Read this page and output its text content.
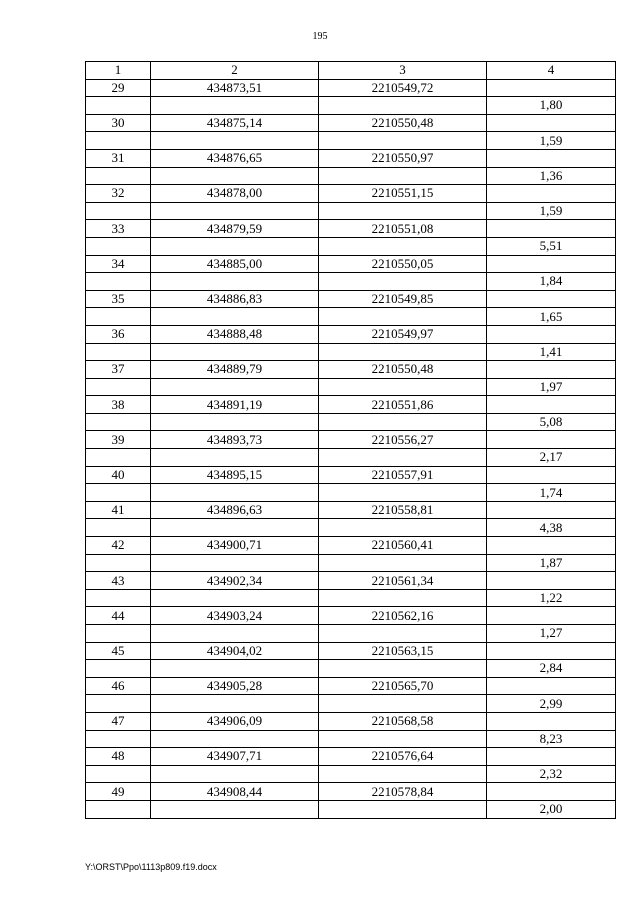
195
1	2	3	4
29	434873,51	2210549,72	
			1,80
30	434875,14	2210550,48	
			1,59
31	434876,65	2210550,97	
			1,36
32	434878,00	2210551,15	
			1,59
33	434879,59	2210551,08	
			5,51
34	434885,00	2210550,05	
			1,84
35	434886,83	2210549,85	
			1,65
36	434888,48	2210549,97	
			1,41
37	434889,79	2210550,48	
			1,97
38	434891,19	2210551,86	
			5,08
39	434893,73	2210556,27	
			2,17
40	434895,15	2210557,91	
			1,74
41	434896,63	2210558,81	
			4,38
42	434900,71	2210560,41	
			1,87
43	434902,34	2210561,34	
			1,22
44	434903,24	2210562,16	
			1,27
45	434904,02	2210563,15	
			2,84
46	434905,28	2210565,70	
			2,99
47	434906,09	2210568,58	
			8,23
48	434907,71	2210576,64	
			2,32
49	434908,44	2210578,84	
			2,00
Y:\ORST\Ppo\1113p809.f19.docx
